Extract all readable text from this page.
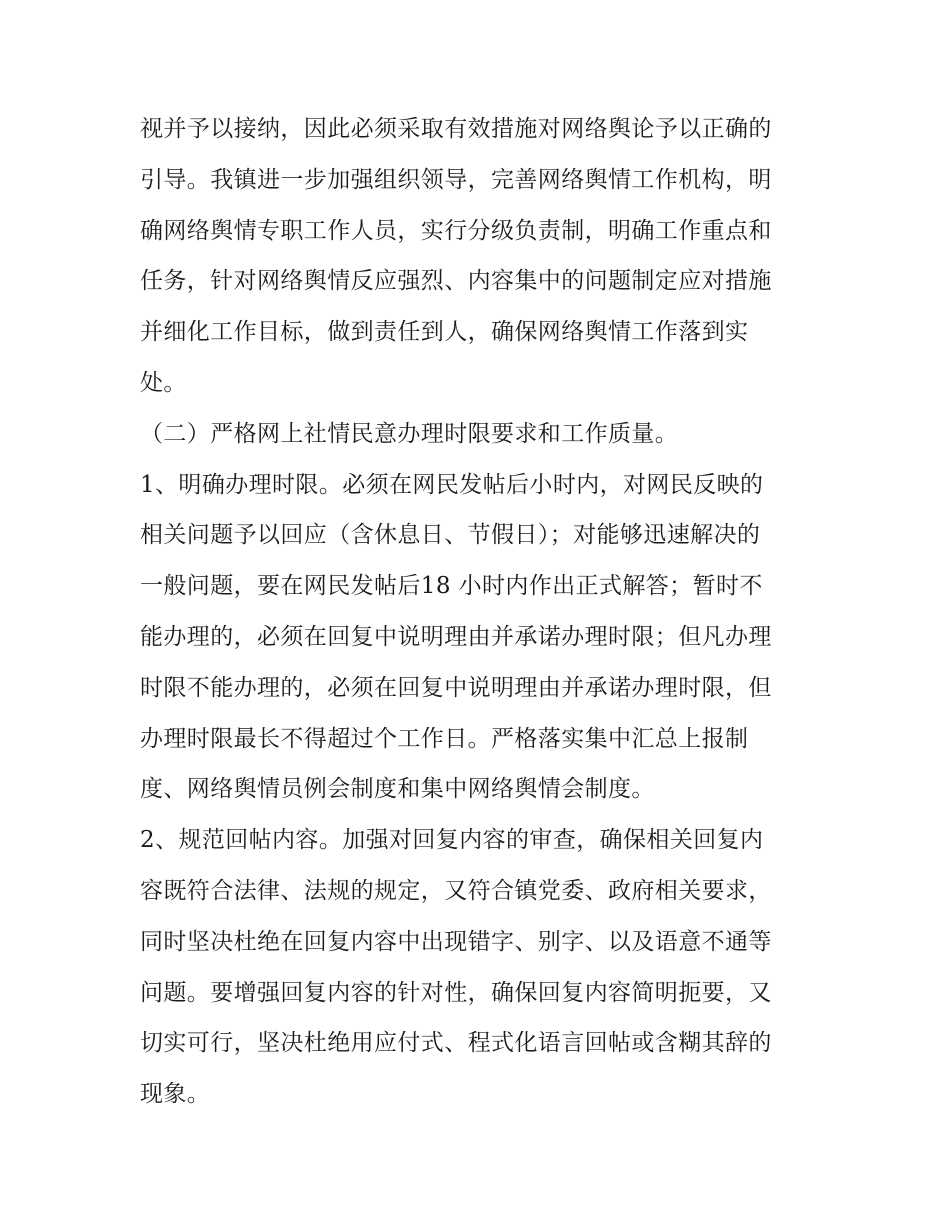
视并予以接纳，因此必须采取有效措施对网络舆论予以正确的
引导。我镇进一步加强组织领导，完善网络舆情工作机构，明
确网络舆情专职工作人员，实行分级负责制，明确工作重点和
任务，针对网络舆情反应强烈、内容集中的问题制定应对措施
并细化工作目标，做到责任到人，确保网络舆情工作落到实
处。
（二）严格网上社情民意办理时限要求和工作质量。
1、明确办理时限。必须在网民发帖后小时内，对网民反映的
相关问题予以回应（含休息日、节假日）；对能够迅速解决的
一般问题，要在网民发帖后18 小时内作出正式解答；暂时不
能办理的，必须在回复中说明理由并承诺办理时限；但凡办理
时限不能办理的，必须在回复中说明理由并承诺办理时限，但
办理时限最长不得超过个工作日。严格落实集中汇总上报制
度、网络舆情员例会制度和集中网络舆情会制度。
2、规范回帖内容。加强对回复内容的审查，确保相关回复内
容既符合法律、法规的规定，又符合镇党委、政府相关要求，
同时坚决杜绝在回复内容中出现错字、别字、以及语意不通等
问题。要增强回复内容的针对性，确保回复内容简明扼要，又
切实可行，坚决杜绝用应付式、程式化语言回帖或含糊其辞的
现象。
